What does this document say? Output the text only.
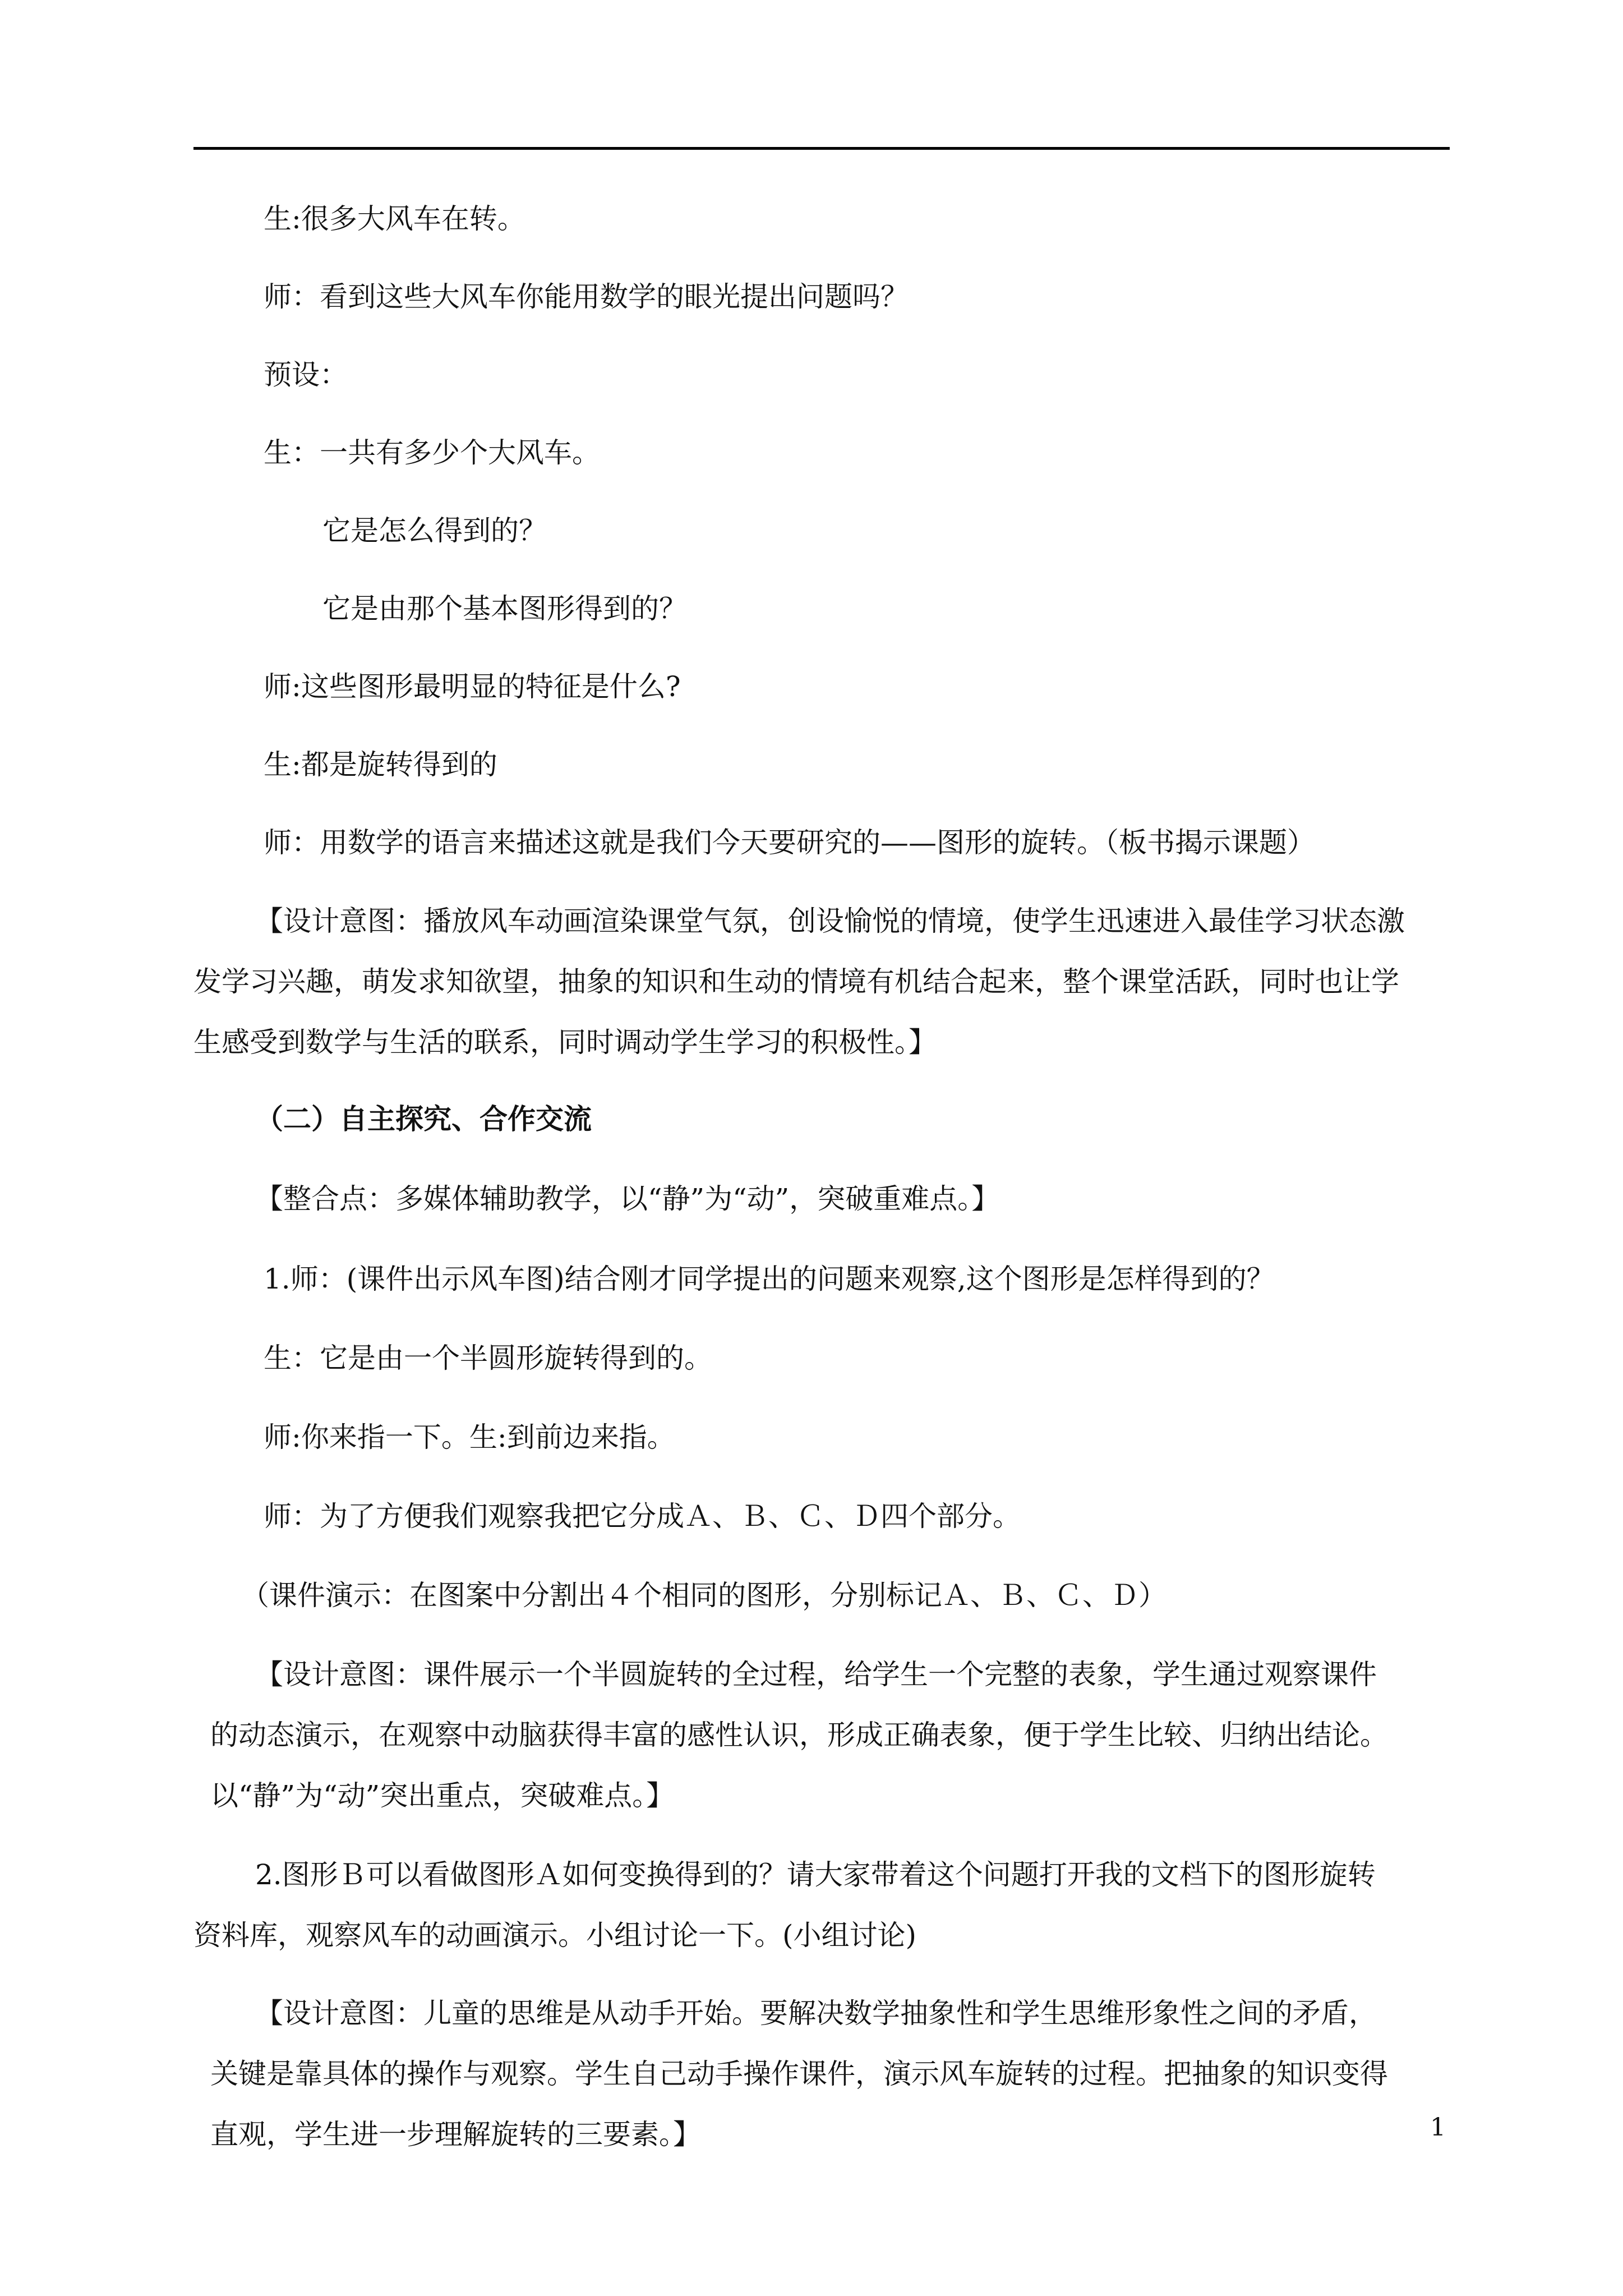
生:很多大风车在转。
师：看到这些大风车你能用数学的眼光提出问题吗？
预设：
生：一共有多少个大风车。
它是怎么得到的？
它是由那个基本图形得到的？
师:这些图形最明显的特征是什么?
生:都是旋转得到的
师：用数学的语言来描述这就是我们今天要研究的——图形的旋转。（板书揭示课题）
【设计意图：播放风车动画渲染课堂气氛，创设愉悦的情境，使学生迅速进入最佳学习状态激
发学习兴趣，萌发求知欲望，抽象的知识和生动的情境有机结合起来，整个课堂活跃，同时也让学
生感受到数学与生活的联系，同时调动学生学习的积极性。】
（二）自主探究、合作交流
【整合点：多媒体辅助教学，以“静”为“动”，突破重难点。】
1.师：(课件出示风车图)结合刚才同学提出的问题来观察,这个图形是怎样得到的？
生：它是由一个半圆形旋转得到的。
师:你来指一下。生:到前边来指。
师：为了方便我们观察我把它分成Ａ、Ｂ、Ｃ、Ｄ四个部分。
（课件演示：在图案中分割出４个相同的图形，分别标记Ａ、Ｂ、Ｃ、Ｄ）
【设计意图：课件展示一个半圆旋转的全过程，给学生一个完整的表象，学生通过观察课件
的动态演示，在观察中动脑获得丰富的感性认识，形成正确表象，便于学生比较、归纳出结论。
以“静”为“动”突出重点，突破难点。】
2.图形Ｂ可以看做图形Ａ如何变换得到的？请大家带着这个问题打开我的文档下的图形旋转
资料库，观察风车的动画演示。小组讨论一下。(小组讨论)
【设计意图：儿童的思维是从动手开始。要解决数学抽象性和学生思维形象性之间的矛盾，
关键是靠具体的操作与观察。学生自己动手操作课件，演示风车旋转的过程。把抽象的知识变得
直观，学生进一步理解旋转的三要素。】	1
